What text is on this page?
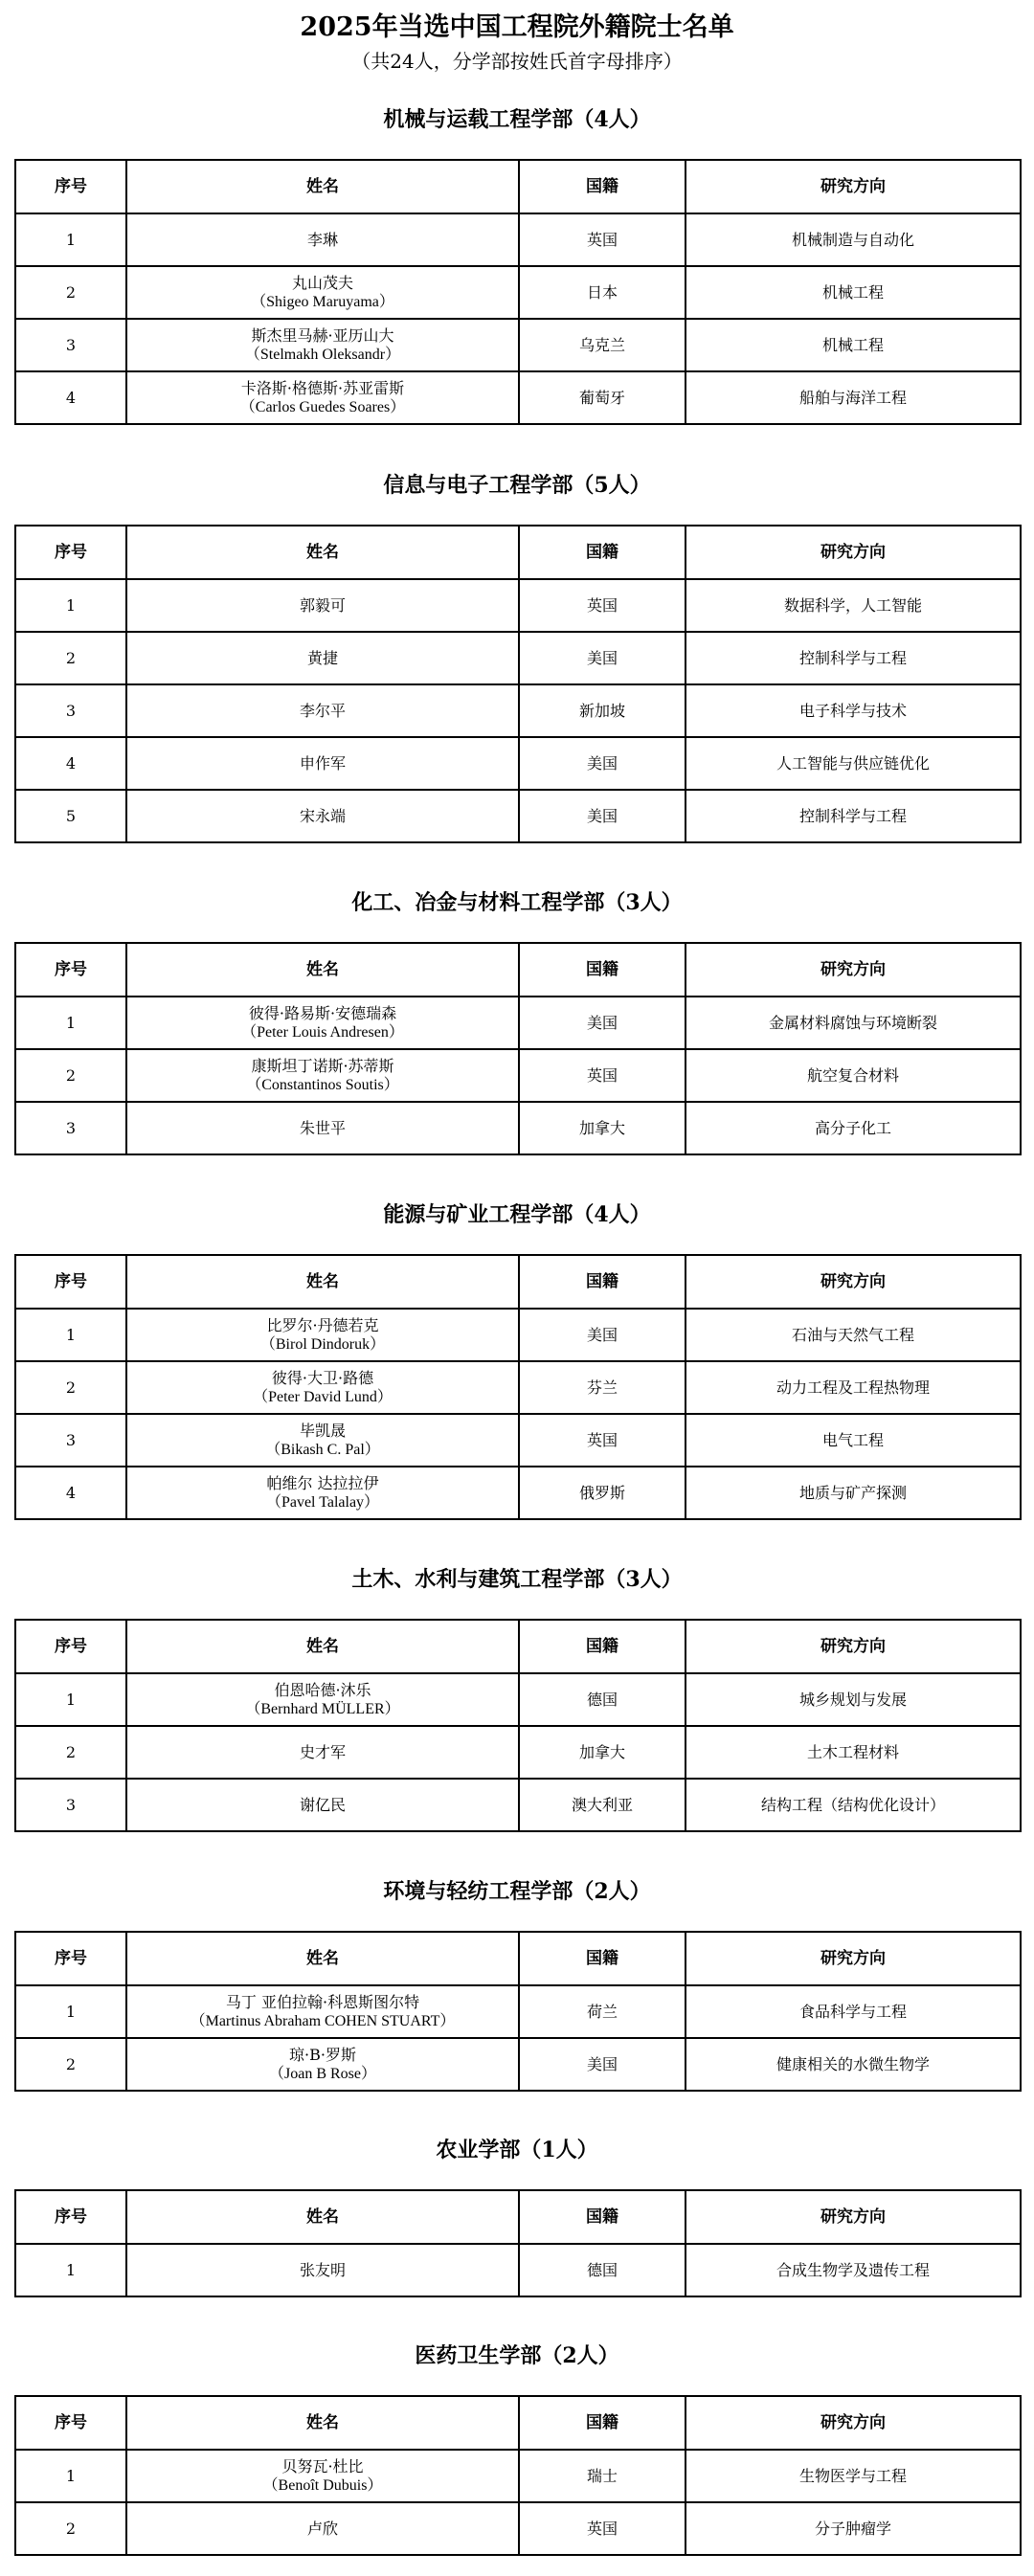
2025年当选中国工程院外籍院士名单
（共24人，分学部按姓氏首字母排序）
机械与运载工程学部（4人）
序号	姓名	国籍	研究方向
1	李琳	英国	机械制造与自动化
2	丸山茂夫
（Shigeo Maruyama）	日本	机械工程
3	斯杰里马赫·亚历山大
（Stelmakh Oleksandr）	乌克兰	机械工程
4	卡洛斯·格德斯·苏亚雷斯
（Carlos Guedes Soares）	葡萄牙	船舶与海洋工程
信息与电子工程学部（5人）
序号	姓名	国籍	研究方向
1	郭毅可	英国	数据科学，人工智能
2	黄捷	美国	控制科学与工程
3	李尔平	新加坡	电子科学与技术
4	申作军	美国	人工智能与供应链优化
5	宋永端	美国	控制科学与工程
化工、冶金与材料工程学部（3人）
序号	姓名	国籍	研究方向
1	彼得·路易斯·安德瑞森
（Peter Louis Andresen）	美国	金属材料腐蚀与环境断裂
2	康斯坦丁诺斯·苏蒂斯
（Constantinos Soutis）	英国	航空复合材料
3	朱世平	加拿大	高分子化工
能源与矿业工程学部（4人）
序号	姓名	国籍	研究方向
1	比罗尔·丹德若克
（Birol Dindoruk）	美国	石油与天然气工程
2	彼得·大卫·路德
（Peter David Lund）	芬兰	动力工程及工程热物理
3	毕凯晟
（Bikash C. Pal）	英国	电气工程
4	帕维尔 达拉拉伊
（Pavel Talalay）	俄罗斯	地质与矿产探测
土木、水利与建筑工程学部（3人）
序号	姓名	国籍	研究方向
1	伯恩哈德·沐乐
（Bernhard MÜLLER）	德国	城乡规划与发展
2	史才军	加拿大	土木工程材料
3	谢亿民	澳大利亚	结构工程（结构优化设计）
环境与轻纺工程学部（2人）
序号	姓名	国籍	研究方向
1	马丁 亚伯拉翰·科恩斯图尔特
（Martinus Abraham COHEN STUART）	荷兰	食品科学与工程
2	琼·B·罗斯
（Joan B Rose）	美国	健康相关的水微生物学
农业学部（1人）
序号	姓名	国籍	研究方向
1	张友明	德国	合成生物学及遗传工程
医药卫生学部（2人）
序号	姓名	国籍	研究方向
1	贝努瓦·杜比
（Benoît Dubuis）	瑞士	生物医学与工程
2	卢欣	英国	分子肿瘤学
